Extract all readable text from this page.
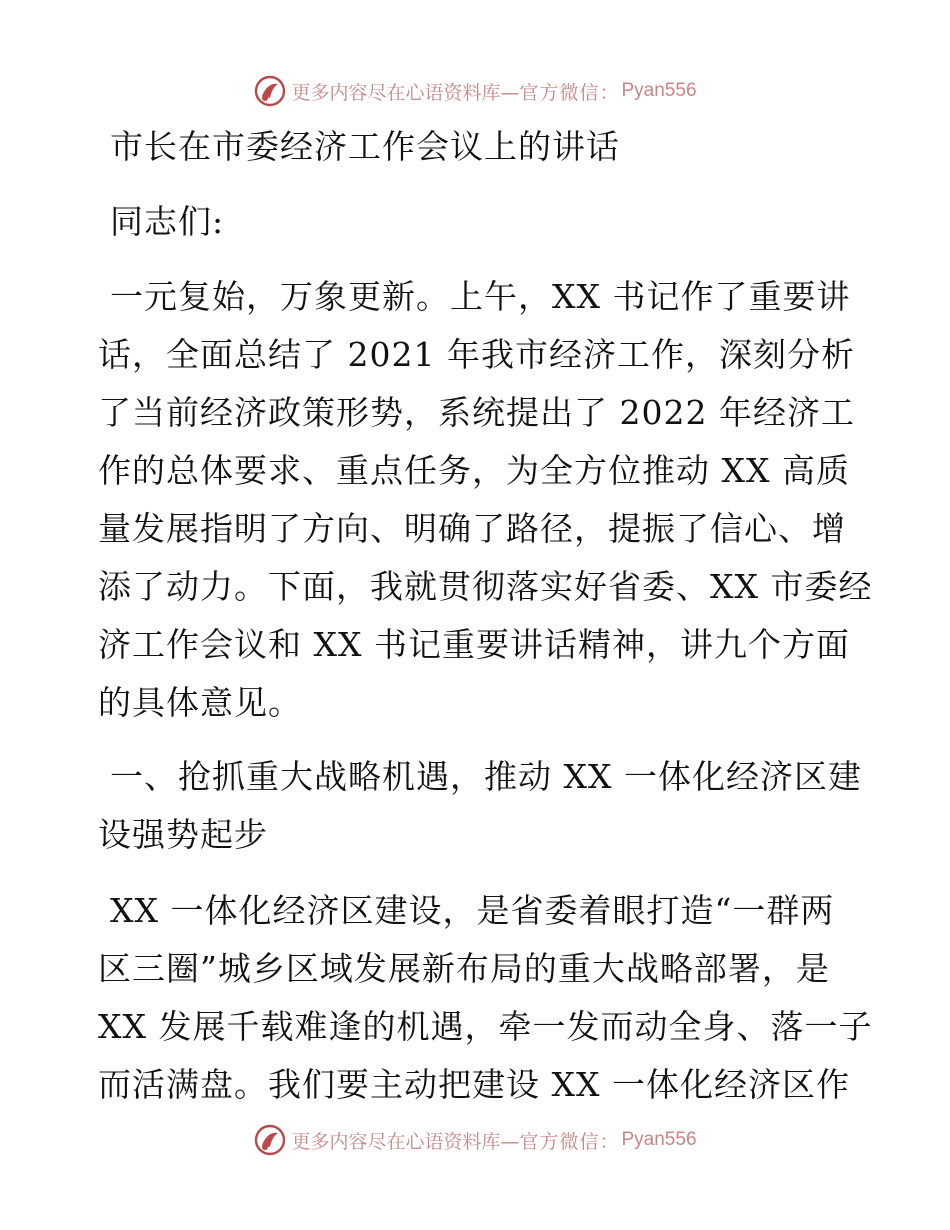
更多内容尽在心语资料库— 官方微信： Pyan556
市长在市委经济工作会议上的讲话
同志们:
一元复始，万象更新。上午，XX 书记作了重要讲
话，全面总结了 2021 年我市经济工作，深刻分析
了当前经济政策形势，系统提出了 2022 年经济工
作的总体要求、重点任务，为全方位推动 XX 高质
量发展指明了方向、明确了路径，提振了信心、增
添了动力。下面，我就贯彻落实好省委、XX 市委经
济工作会议和 XX 书记重要讲话精神，讲九个方面
的具体意见。
一、抢抓重大战略机遇，推动 XX 一体化经济区建
设强势起步
XX 一体化经济区建设，是省委着眼打造“一群两
区三圈”城乡区域发展新布局的重大战略部署，是
XX 发展千载难逢的机遇，牵一发而动全身、落一子
而活满盘。我们要主动把建设 XX 一体化经济区作
更多内容尽在心语资料库— 官方微信： Pyan556
